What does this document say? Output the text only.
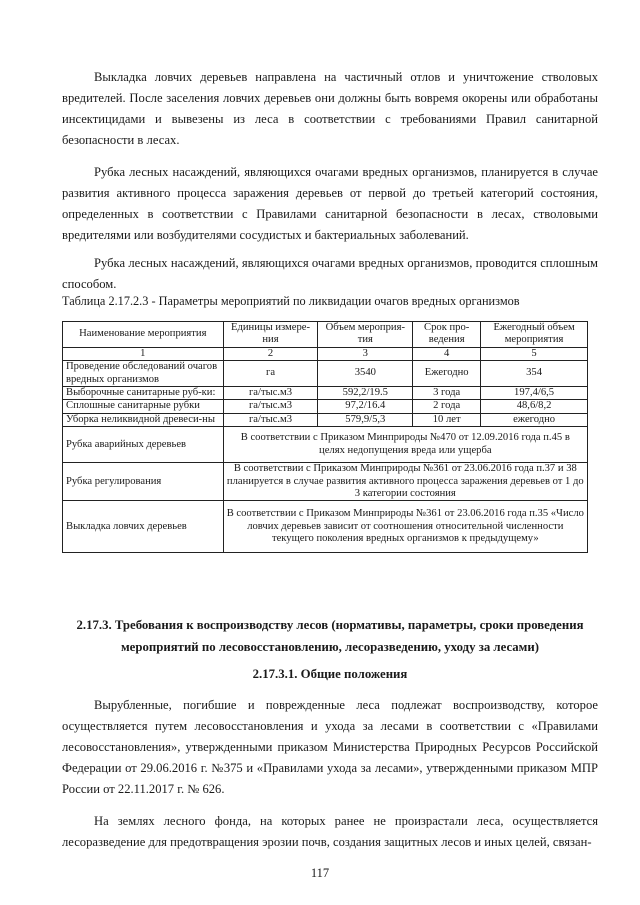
Выкладка ловчих деревьев направлена на частичный отлов и уничтожение стволовых вредителей. После заселения ловчих деревьев они должны быть вовремя окорены или обработаны инсектицидами и вывезены из леса в соответствии с требованиями Правил санитарной безопасности в лесах.

Рубка лесных насаждений, являющихся очагами вредных организмов, планируется в случае развития активного процесса заражения деревьев от первой до третьей категорий состояния, определенных в соответствии с Правилами санитарной безопасности в лесах, стволовыми вредителями или возбудителями сосудистых и бактериальных заболеваний.

Рубка лесных насаждений, являющихся очагами вредных организмов, проводится сплошным способом.

Таблица 2.17.2.3 - Параметры мероприятий по ликвидации очагов вредных организмов
Наименование мероприятия	Единицы измере-ния	Объем мероприя-тия	Срок про-ведения	Ежегодный объем мероприятия
1	2	3	4	5
Проведение обследований очагов вредных организмов	га	3540	Ежегодно	354
Выборочные санитарные руб-ки:	га/тыс.м3	592,2/19.5	3 года	197,4/6,5
Сплошные санитарные рубки	га/тыс.м3	97,2/16.4	2 года	48,6/8,2
Уборка неликвидной древеси-ны	га/тыс.м3	579,9/5,3	10 лет	ежегодно
Рубка аварийных деревьев	В соответствии с Приказом Минприроды №470 от 12.09.2016 года п.45 в целях недопущения вреда или ущерба			
Рубка регулирования	В соответствии с Приказом Минприроды №361 от 23.06.2016 года п.37 и 38 планируется в случае развития активного процесса заражения деревьев от 1 до 3 категории состояния			
Выкладка ловчих деревьев	В соответствии с Приказом Минприроды №361 от 23.06.2016 года п.35 «Число ловчих деревьев зависит от соотношения относительной численности текущего поколения вредных организмов к предыдущему»			
2.17.3. Требования к воспроизводству лесов (нормативы, параметры, сроки проведения
мероприятий по лесовосстановлению, лесоразведению, уходу за лесами)
2.17.3.1. Общие положения

Вырубленные, погибшие и поврежденные леса подлежат воспроизводству, которое осуществляется путем лесовосстановления и ухода за лесами в соответствии с «Правилами лесовосстановления», утвержденными приказом Министерства Природных Ресурсов Российской Федерации от 29.06.2016 г. №375 и «Правилами ухода за лесами», утвержденными приказом МПР России от 22.11.2017 г. № 626.

На землях лесного фонда, на которых ранее не произрастали леса, осуществляется лесоразведение для предотвращения эрозии почв, создания защитных лесов и иных целей, связан-

117
